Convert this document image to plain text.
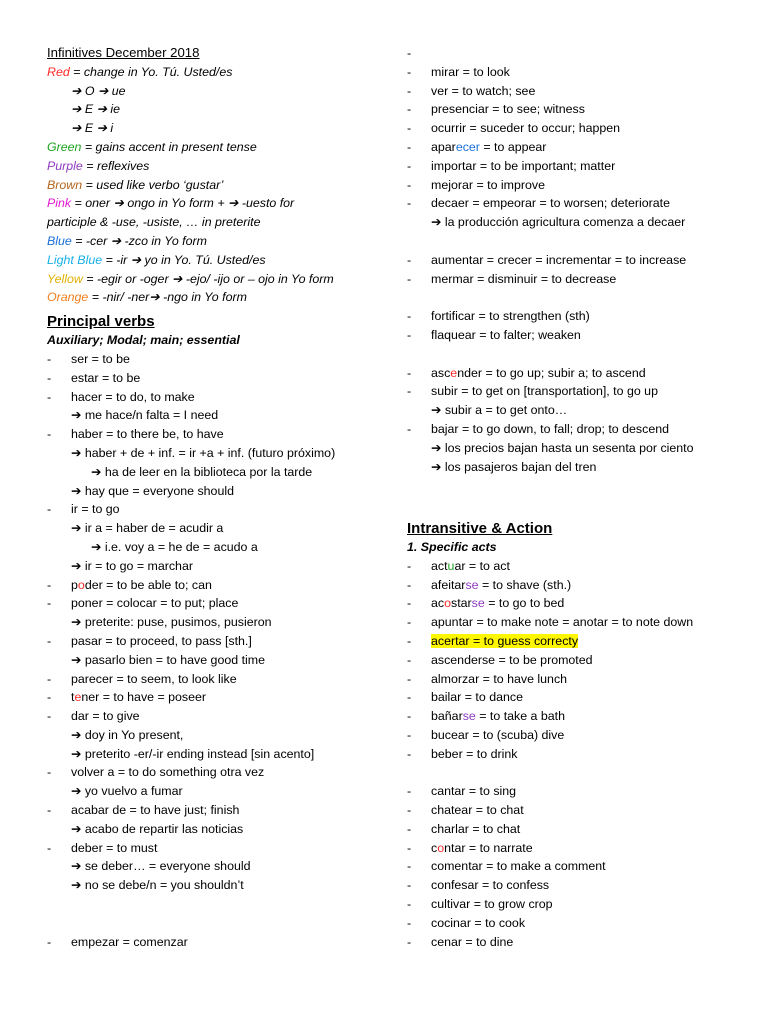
Infinitives December 2018
Red = change in Yo. Tú. Usted/es
➔ O ➔ ue
➔ E ➔ ie
➔ E ➔ i
Green = gains accent in present tense
Purple = reflexives
Brown = used like verbo ‘gustar’
Pink = oner ➔ ongo in Yo form + ➔ -uesto for
participle & -use, -usiste, … in preterite
Blue = -cer ➔ -zco in Yo form
Light Blue = -ir ➔ yo in Yo. Tú. Usted/es
Yellow = -egir or -oger ➔ -ejo/ -ijo or – ojo in Yo form
Orange = -nir/ -ner➔ -ngo in Yo form
Principal verbs
Auxiliary; Modal; main; essential
- ser = to be
- estar = to be
- hacer = to do, to make
➔ me hace/n falta = I need
- haber = to there be, to have
➔ haber + de + inf. = ir +a + inf. (futuro próximo)
➔ ha de leer en la biblioteca por la tarde
➔ hay que = everyone should
- ir = to go
➔ ir a = haber de = acudir a
➔ i.e. voy a = he de = acudo a
➔ ir = to go = marchar
- poder = to be able to; can
- poner = colocar = to put; place
➔ preterite: puse, pusimos, pusieron
- pasar = to proceed, to pass [sth.]
➔ pasarlo bien = to have good time
- parecer = to seem, to look like
- tener = to have = poseer
- dar = to give
➔ doy in Yo present,
➔ preterito -er/-ir ending instead [sin acento]
- volver a = to do something otra vez
➔ yo vuelvo a fumar
- acabar de = to have just; finish
➔ acabo de repartir las noticias
- deber = to must
➔ se deber… = everyone should
➔ no se debe/n = you shouldn’t
- empezar = comenzar
-
- mirar = to look
- ver = to watch; see
- presenciar = to see; witness
- ocurrir = suceder to occur; happen
- aparecer = to appear
- importar = to be important; matter
- mejorar = to improve
- decaer = empeorar = to worsen; deteriorate
➔ la producción agricultura comenza a decaer
- aumentar = crecer = incrementar = to increase
- mermar = disminuir = to decrease
- fortificar = to strengthen (sth)
- flaquear = to falter; weaken
- ascender = to go up; subir a; to ascend
- subir = to get on [transportation], to go up
➔ subir a = to get onto…
- bajar = to go down, to fall; drop; to descend
➔ los precios bajan hasta un sesenta por ciento
➔ los pasajeros bajan del tren
Intransitive & Action
1. Specific acts
- actuar = to act
- afeitarse = to shave (sth.)
- acostarse = to go to bed
- apuntar = to make note = anotar = to note down
- acertar = to guess correcty
- ascenderse = to be promoted
- almorzar = to have lunch
- bailar = to dance
- bañarse = to take a bath
- bucear = to (scuba) dive
- beber = to drink
- cantar = to sing
- chatear = to chat
- charlar = to chat
- contar = to narrate
- comentar = to make a comment
- confesar = to confess
- cultivar = to grow crop
- cocinar = to cook
- cenar = to dine
